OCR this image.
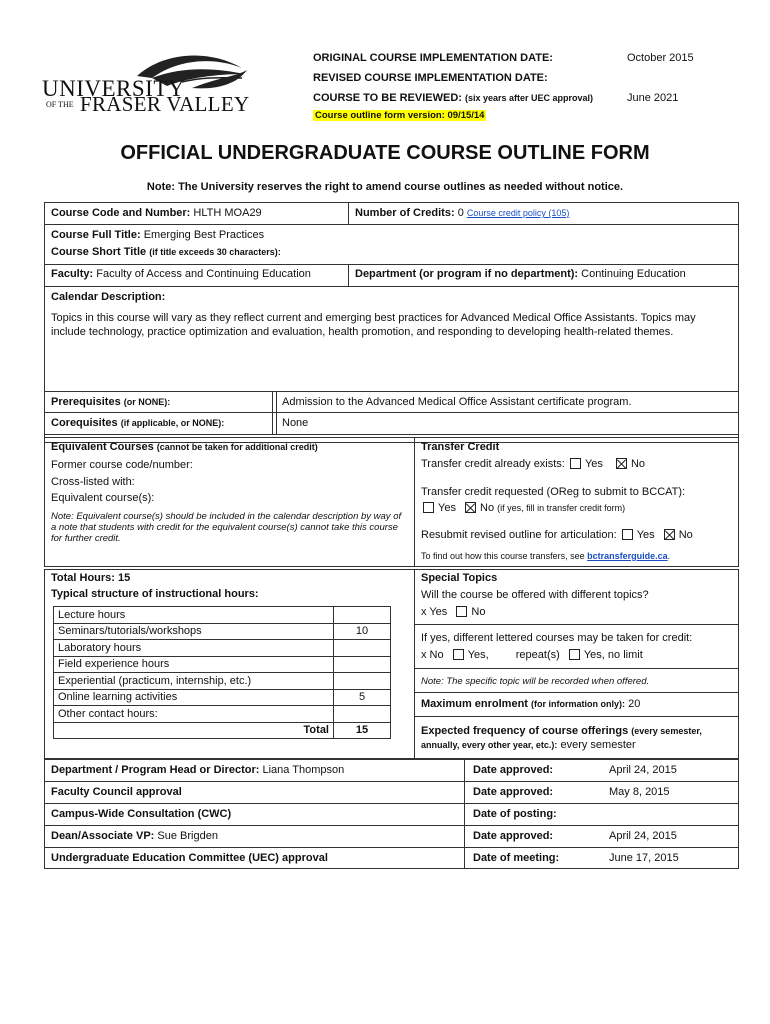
UNIVERSITY
OF THE FRASER VALLEY
ORIGINAL COURSE IMPLEMENTATION DATE:	October 2015
REVISED COURSE IMPLEMENTATION DATE:
COURSE TO BE REVIEWED: (six years after UEC approval)	June 2021
Course outline form version: 09/15/14
OFFICIAL UNDERGRADUATE COURSE OUTLINE FORM
Note: The University reserves the right to amend course outlines as needed without notice.
Course Code and Number: HLTH MOA29	Number of Credits: 0 Course credit policy (105)
Course Full Title: Emerging Best Practices
Course Short Title (if title exceeds 30 characters):
Faculty: Faculty of Access and Continuing Education	Department (or program if no department): Continuing Education
Calendar Description:
Topics in this course will vary as they reflect current and emerging best practices for Advanced Medical Office Assistants. Topics may include technology, practice optimization and evaluation, health promotion, and responding to developing health-related themes.
Prerequisites (or NONE):	Admission to the Advanced Medical Office Assistant certificate program.
Corequisites (if applicable, or NONE):	None
Equivalent Courses (cannot be taken for additional credit)
Former course code/number:
Cross-listed with:
Equivalent course(s):
Note: Equivalent course(s) should be included in the calendar description by way of a note that students with credit for the equivalent course(s) cannot take this course for further credit.
Transfer Credit
Transfer credit already exists: Yes	No
Transfer credit requested (OReg to submit to BCCAT):
Yes No (if yes, fill in transfer credit form)
Resubmit revised outline for articulation: Yes No
To find out how this course transfers, see bctransferguide.ca.
Total Hours: 15
Typical structure of instructional hours:
Lecture hours	
Seminars/tutorials/workshops	10
Laboratory hours	
Field experience hours	
Experiential (practicum, internship, etc.)	
Online learning activities	5
Other contact hours:	
Total	15
Special Topics
Will the course be offered with different topics?
x Yes No
If yes, different lettered courses may be taken for credit:
x No Yes, repeat(s) Yes, no limit
Note: The specific topic will be recorded when offered.
Maximum enrolment (for information only): 20
Expected frequency of course offerings (every semester, annually, every other year, etc.): every semester
Department / Program Head or Director: Liana Thompson	Date approved:	April 24, 2015
Faculty Council approval	Date approved:	May 8, 2015
Campus-Wide Consultation (CWC)	Date of posting:
Dean/Associate VP: Sue Brigden	Date approved:	April 24, 2015
Undergraduate Education Committee (UEC) approval	Date of meeting:	June 17, 2015
